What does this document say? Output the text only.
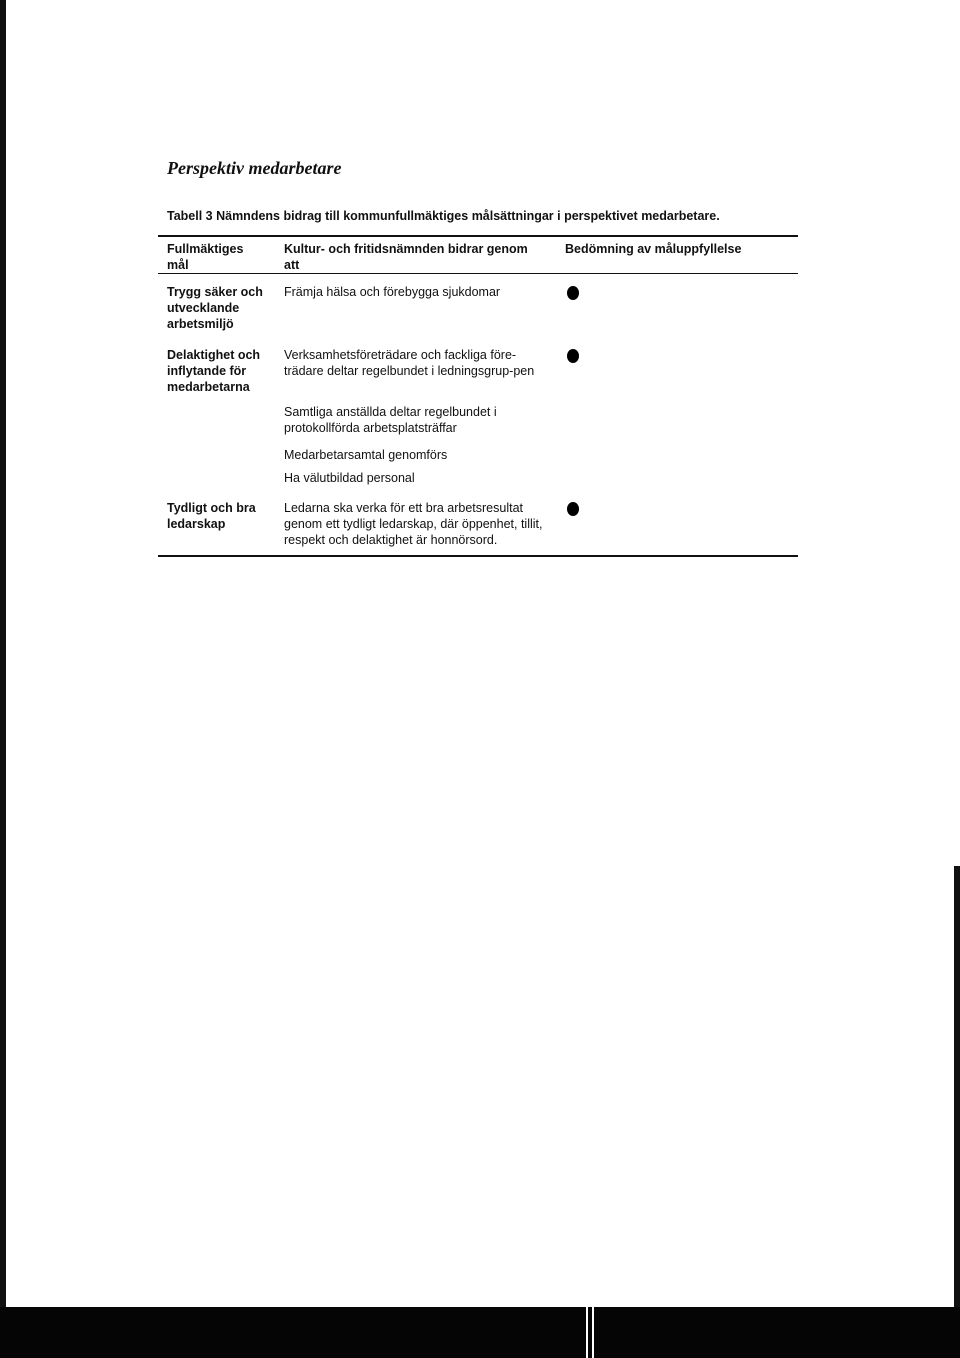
Perspektiv medarbetare
Tabell 3 Nämndens bidrag till kommunfullmäktiges målsättningar i perspektivet medarbetare.
Fullmäktiges mål
Kultur- och fritidsnämnden bidrar genom att
Bedömning av måluppfyllelse
Trygg säker och utvecklande arbetsmiljö
Främja hälsa och förebygga sjukdomar
Delaktighet och inflytande för medarbetarna
Verksamhetsföreträdare och fackliga före-trädare deltar regelbundet i ledningsgrup-pen
Samtliga anställda deltar regelbundet i protokollförda arbetsplatsträffar
Medarbetarsamtal genomförs
Ha välutbildad personal
Tydligt och bra ledarskap
Ledarna ska verka för ett bra arbetsresultat genom ett tydligt ledarskap, där öppenhet, tillit, respekt och delaktighet är honnörsord.
